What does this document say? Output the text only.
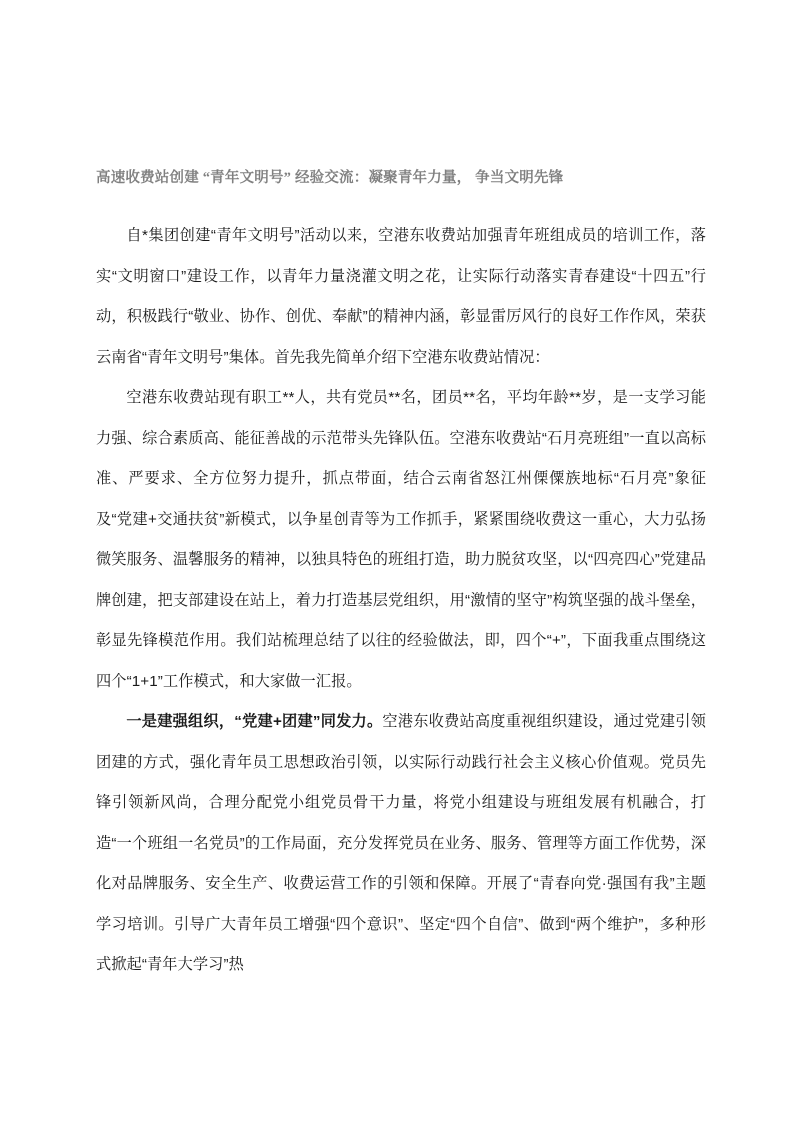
高速收费站创建 “青年文明号” 经验交流：凝聚青年力量， 争当文明先锋

自*集团创建“青年文明号”活动以来，空港东收费站加强青年班组成员的培训工作，落实“文明窗口”建设工作，以青年力量浇灌文明之花，让实际行动落实青春建设“十四五”行动，积极践行“敬业、协作、创优、奉献”的精神内涵，彰显雷厉风行的良好工作作风，荣获云南省“青年文明号”集体。首先我先简单介绍下空港东收费站情况：

空港东收费站现有职工**人，共有党员**名，团员**名，平均年龄**岁，是一支学习能力强、综合素质高、能征善战的示范带头先锋队伍。空港东收费站“石月亮班组”一直以高标准、严要求、全方位努力提升，抓点带面，结合云南省怒江州傈僳族地标“石月亮”象征及“党建+交通扶贫”新模式，以争星创青等为工作抓手，紧紧围绕收费这一重心，大力弘扬微笑服务、温馨服务的精神，以独具特色的班组打造，助力脱贫攻坚，以“四亮四心”党建品牌创建，把支部建设在站上，着力打造基层党组织，用“激情的坚守”构筑坚强的战斗堡垒，彰显先锋模范作用。我们站梳理总结了以往的经验做法，即，四个“+”，下面我重点围绕这四个“1+1”工作模式，和大家做一汇报。

一是建强组织，“党建+团建”同发力。空港东收费站高度重视组织建设，通过党建引领团建的方式，强化青年员工思想政治引领，以实际行动践行社会主义核心价值观。党员先锋引领新风尚，合理分配党小组党员骨干力量，将党小组建设与班组发展有机融合，打造“一个班组一名党员”的工作局面，充分发挥党员在业务、服务、管理等方面工作优势，深化对品牌服务、安全生产、收费运营工作的引领和保障。开展了“青春向党·强国有我”主题学习培训。引导广大青年员工增强“四个意识”、坚定“四个自信”、做到“两个维护”，多种形式掀起“青年大学习”热
